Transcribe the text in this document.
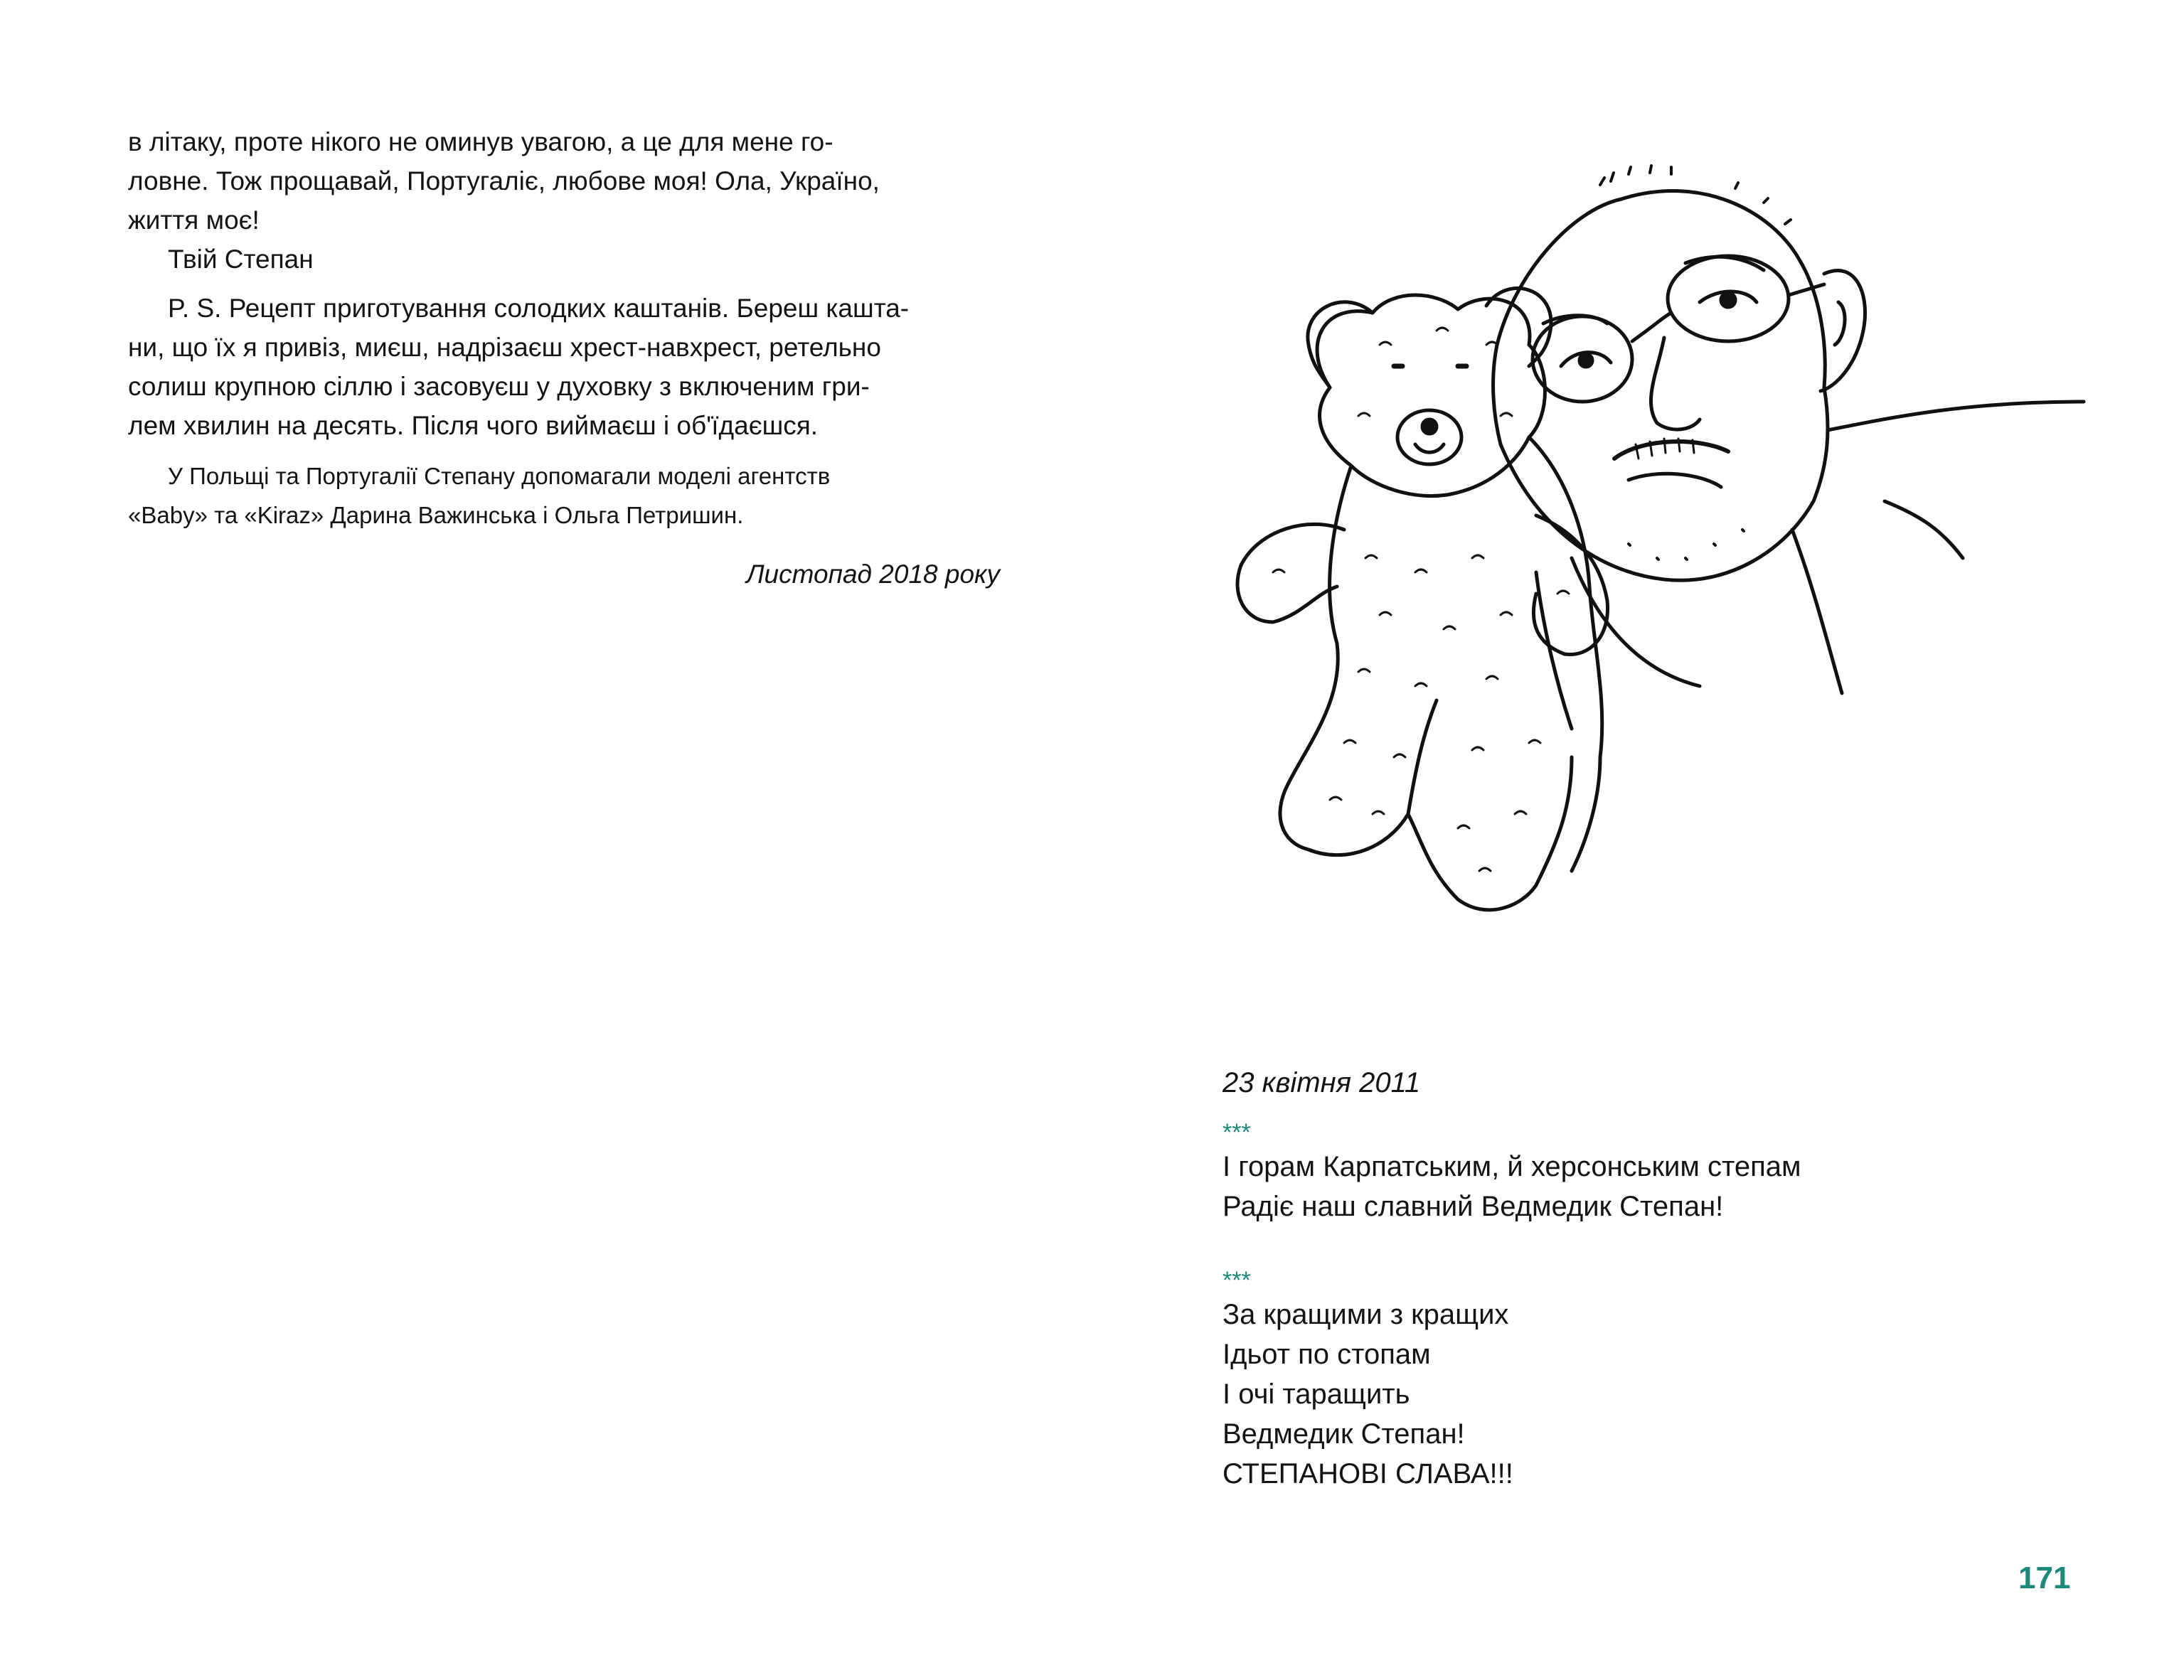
в літаку, проте нікого не оминув увагою, а це для мене го-

ловне. Тож прощавай, Португаліє, любове моя! Ола, Україно,

життя моє!

Твій Степан

P. S. Рецепт приготування солодких каштанів. Береш кашта-

ни, що їх я привіз, миєш, надрізаєш хрест-навхрест, ретельно

солиш крупною сіллю і засовуєш у духовку з включеним гри-

лем хвилин на десять. Після чого виймаєш і об'їдаєшся.

У Польщі та Португалії Степану допомагали моделі агентств

«Baby» та «Kiraz» Дарина Важинська і Ольга Петришин.

Листопад 2018 року

23 квітня 2011

***

І горам Карпатським, й херсонським степам

Радіє наш славний Ведмедик Степан!

***

За кращими з кращих

Ідьот по стопам

І очі таращить

Ведмедик Степан!

СТЕПАНОВІ СЛАВА!!!

171
